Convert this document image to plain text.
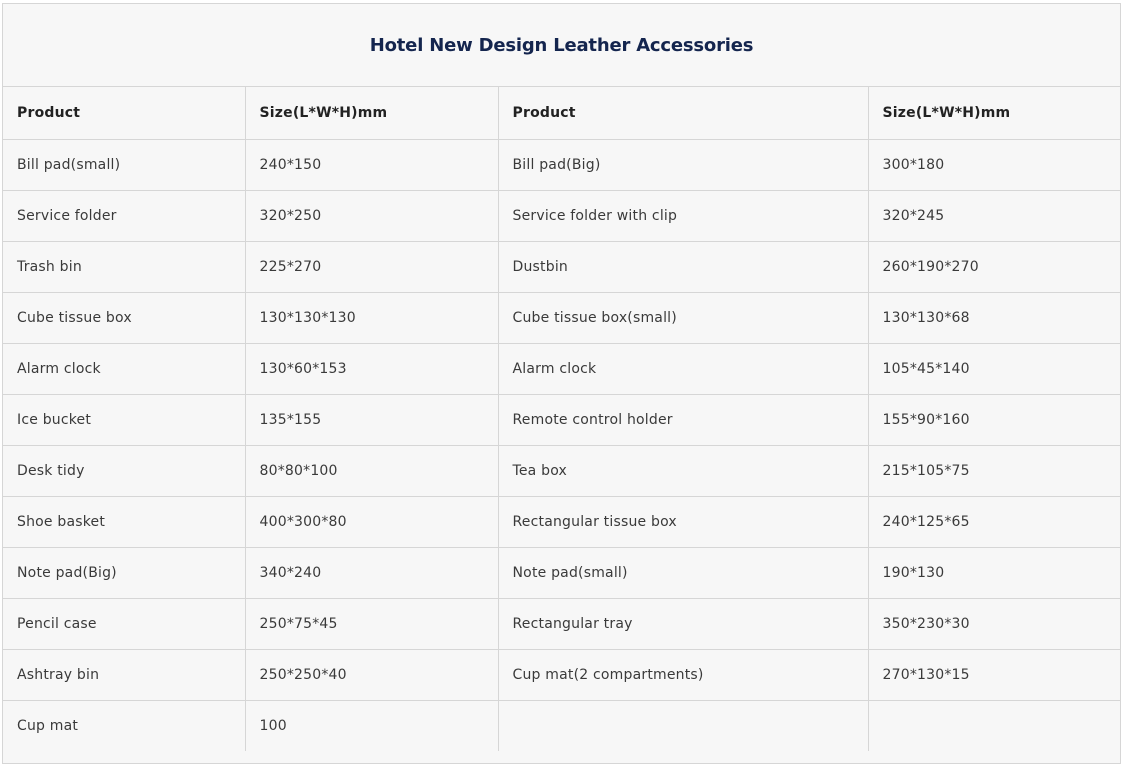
Hotel New Design Leather Accessories
Product	Size(L*W*H)mm	Product	Size(L*W*H)mm
Bill pad(small)	240*150	Bill pad(Big)	300*180
Service folder	320*250	Service folder with clip	320*245
Trash bin	225*270	Dustbin	260*190*270
Cube tissue box	130*130*130	Cube tissue box(small)	130*130*68
Alarm clock	130*60*153	Alarm clock	105*45*140
Ice bucket	135*155	Remote control holder	155*90*160
Desk tidy	80*80*100	Tea box	215*105*75
Shoe basket	400*300*80	Rectangular tissue box	240*125*65
Note pad(Big)	340*240	Note pad(small)	190*130
Pencil case	250*75*45	Rectangular tray	350*230*30
Ashtray bin	250*250*40	Cup mat(2 compartments)	270*130*15
Cup mat	100		
